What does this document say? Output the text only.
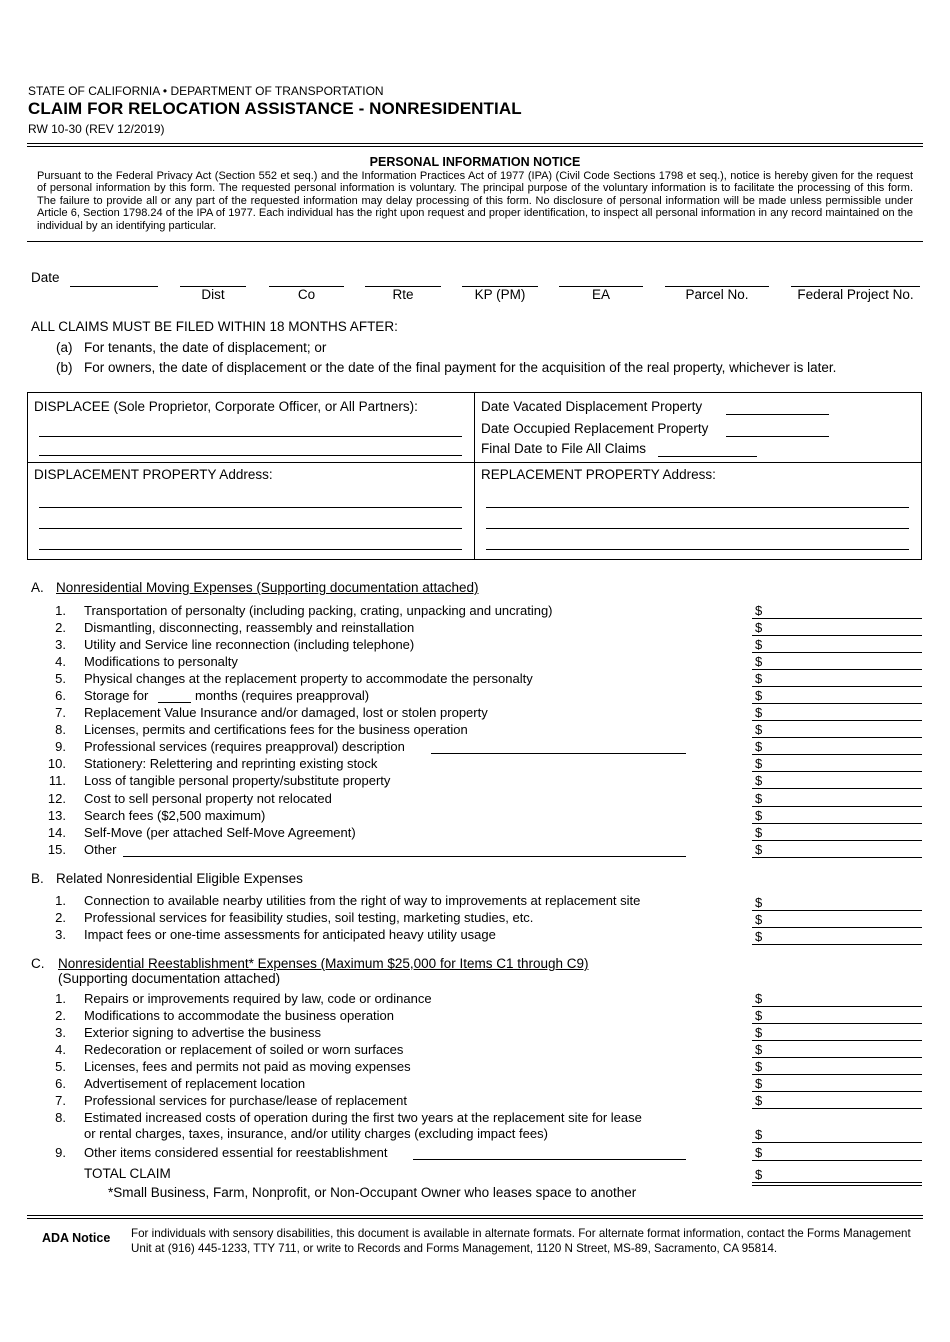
STATE OF CALIFORNIA • DEPARTMENT OF TRANSPORTATION
CLAIM FOR RELOCATION ASSISTANCE - NONRESIDENTIAL
RW 10-30 (REV 12/2019)
PERSONAL INFORMATION NOTICE
Pursuant to the Federal Privacy Act (Section 552 et seq.) and the Information Practices Act of 1977 (IPA) (Civil Code Sections 1798 et seq.), notice is hereby given for the request of personal information by this form. The requested personal information is voluntary. The principal purpose of the voluntary information is to facilitate the processing of this form. The failure to provide all or any part of the requested information may delay processing of this form. No disclosure of personal information will be made unless permissible under Article 6, Section 1798.24 of the IPA of 1977. Each individual has the right upon request and proper identification, to inspect all personal information in any record maintained on the individual by an identifying particular.
Date
Dist	Co	Rte	KP (PM)	EA	Parcel No.	Federal Project No.
ALL CLAIMS MUST BE FILED WITHIN 18 MONTHS AFTER:
(a) For tenants, the date of displacement; or
(b) For owners, the date of displacement or the date of the final payment for the acquisition of the real property, whichever is later.
DISPLACEE (Sole Proprietor, Corporate Officer, or All Partners):	Date Vacated Displacement Property
Date Occupied Replacement Property
Final Date to File All Claims
DISPLACEMENT PROPERTY Address:	REPLACEMENT PROPERTY Address:
A. Nonresidential Moving Expenses (Supporting documentation attached)
1. Transportation of personalty (including packing, crating, unpacking and uncrating)	$
2. Dismantling, disconnecting, reassembly and reinstallation	$
3. Utility and Service line reconnection (including telephone)	$
4. Modifications to personalty	$
5. Physical changes at the replacement property to accommodate the personalty	$
6. Storage for	months (requires preapproval)	$
7. Replacement Value Insurance and/or damaged, lost or stolen property	$
8. Licenses, permits and certifications fees for the business operation	$
9. Professional services (requires preapproval) description	$
10. Stationery: Relettering and reprinting existing stock	$
11. Loss of tangible personal property/substitute property	$
12. Cost to sell personal property not relocated	$
13. Search fees ($2,500 maximum)	$
14. Self-Move (per attached Self-Move Agreement)	$
15. Other	$
B. Related Nonresidential Eligible Expenses
1. Connection to available nearby utilities from the right of way to improvements at replacement site	$
2. Professional services for feasibility studies, soil testing, marketing studies, etc.	$
3. Impact fees or one-time assessments for anticipated heavy utility usage	$
C. Nonresidential Reestablishment* Expenses (Maximum $25,000 for Items C1 through C9)
(Supporting documentation attached)
1. Repairs or improvements required by law, code or ordinance	$
2. Modifications to accommodate the business operation	$
3. Exterior signing to advertise the business	$
4. Redecoration or replacement of soiled or worn surfaces	$
5. Licenses, fees and permits not paid as moving expenses	$
6. Advertisement of replacement location	$
7. Professional services for purchase/lease of replacement	$
8. Estimated increased costs of operation during the first two years at the replacement site for lease
or rental charges, taxes, insurance, and/or utility charges (excluding impact fees)	$
9. Other items considered essential for reestablishment	$
TOTAL CLAIM	$
*Small Business, Farm, Nonprofit, or Non-Occupant Owner who leases space to another
ADA Notice For individuals with sensory disabilities, this document is available in alternate formats. For alternate format information, contact the Forms Management Unit at (916) 445-1233, TTY 711, or write to Records and Forms Management, 1120 N Street, MS-89, Sacramento, CA 95814.
